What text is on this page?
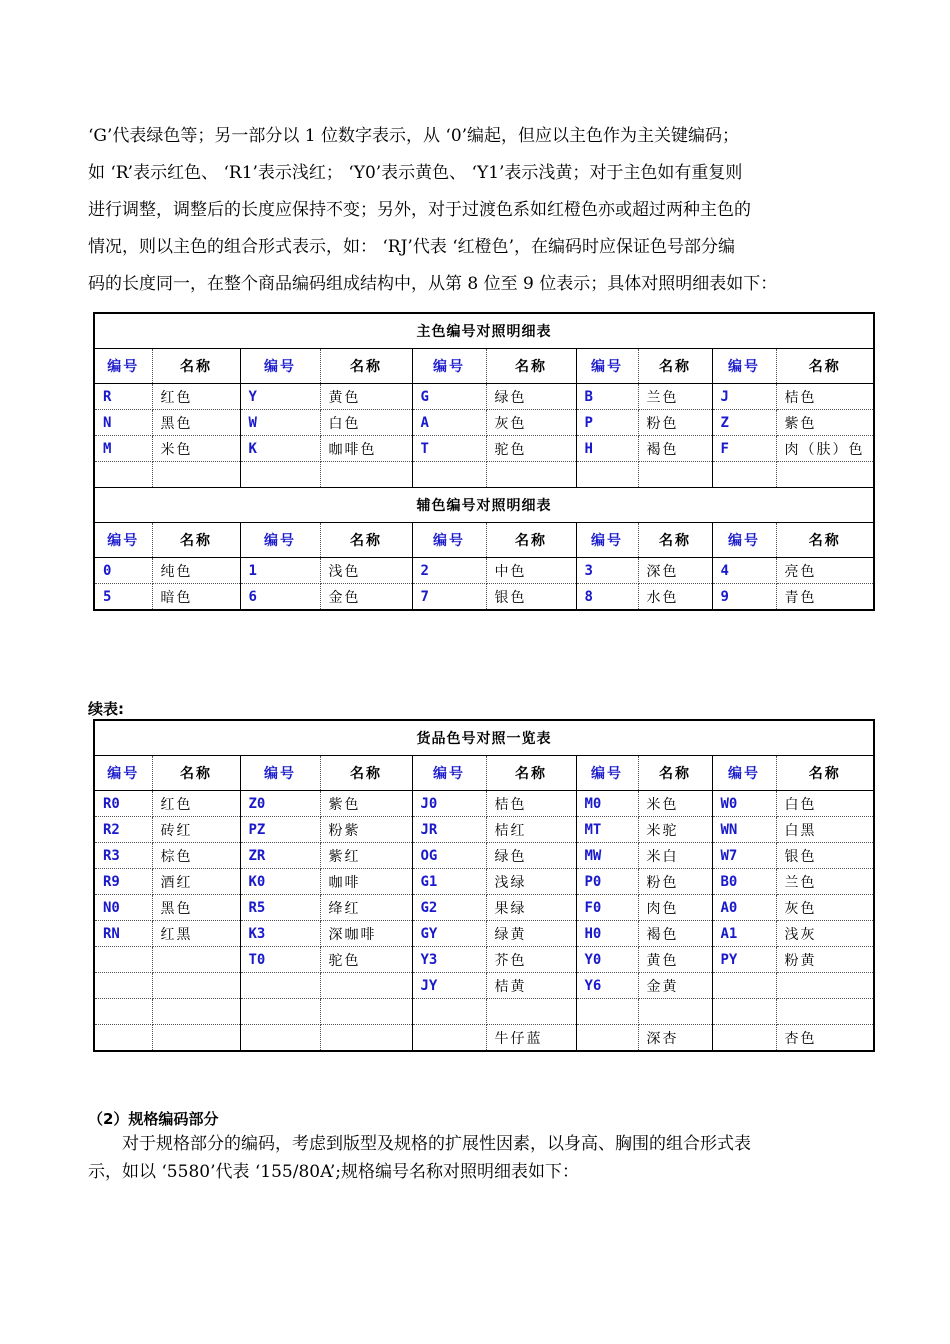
‘G’代表绿色等；另一部分以 1 位数字表示，从 ‘0’编起，但应以主色作为主关键编码；

如 ‘R’表示红色、 ‘R1’表示浅红； ‘Y0’表示黄色、 ‘Y1’表示浅黄；对于主色如有重复则

进行调整，调整后的长度应保持不变；另外，对于过渡色系如红橙色亦或超过两种主色的

情况，则以主色的组合形式表示，如： ‘RJ’代表 ‘红橙色’，在编码时应保证色号部分编

码的长度同一，在整个商品编码组成结构中，从第 8 位至 9 位表示；具体对照明细表如下：

主色编号对照明细表									
编号	名称	编号	名称	编号	名称	编号	名称	编号	名称
R	红色	Y	黄色	G	绿色	B	兰色	J	桔色
N	黑色	W	白色	A	灰色	P	粉色	Z	紫色
M	米色	K	咖啡色	T	驼色	H	褐色	F	肉（肤）色

辅色编号对照明细表									
编号	名称	编号	名称	编号	名称	编号	名称	编号	名称
0	纯色	1	浅色	2	中色	3	深色	4	亮色
5	暗色	6	金色	7	银色	8	水色	9	青色
续表:
货品色号对照一览表									
编号	名称	编号	名称	编号	名称	编号	名称	编号	名称
R0	红色	Z0	紫色	J0	桔色	M0	米色	W0	白色
R2	砖红	PZ	粉紫	JR	桔红	MT	米驼	WN	白黑
R3	棕色	ZR	紫红	OG	绿色	MW	米白	W7	银色
R9	酒红	K0	咖啡	G1	浅绿	P0	粉色	B0	兰色
N0	黑色	R5	绛红	G2	果绿	F0	肉色	A0	灰色
RN	红黑	K3	深咖啡	GY	绿黄	H0	褐色	A1	浅灰
		T0	驼色	Y3	芥色	Y0	黄色	PY	粉黄
				JY	桔黄	Y6	金黄		

					牛仔蓝		深杏		杏色
（2）规格编码部分

对于规格部分的编码，考虑到版型及规格的扩展性因素，以身高、胸围的组合形式表

示，如以 ‘5580’代表 ‘155/80A’;规格编号名称对照明细表如下：
